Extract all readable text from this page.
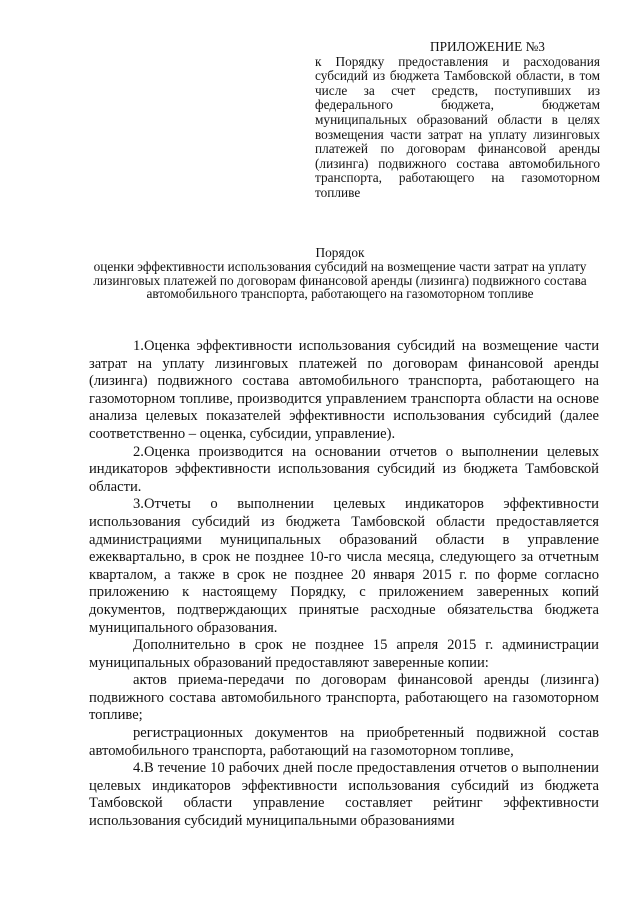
ПРИЛОЖЕНИЕ №3
к Порядку предоставления и расходования субсидий из бюджета Тамбовской области, в том числе за счет средств, поступивших из федерального бюджета, бюджетам муниципальных образований области в целях возмещения части затрат на уплату лизинговых платежей по договорам финансовой аренды (лизинга) подвижного состава автомобильного транспорта, работающего на газомоторном топливе
Порядок
оценки эффективности использования субсидий на возмещение части затрат на уплату лизинговых платежей по договорам финансовой аренды (лизинга) подвижного состава автомобильного транспорта, работающего на газомоторном топливе

1.Оценка эффективности использования субсидий на возмещение части затрат на уплату лизинговых платежей по договорам финансовой аренды (лизинга) подвижного состава автомобильного транспорта, работающего на газомоторном топливе, производится управлением транспорта области на основе анализа целевых показателей эффективности использования субсидий (далее соответственно – оценка, субсидии, управление).

2.Оценка производится на основании отчетов о выполнении целевых индикаторов эффективности использования субсидий из бюджета Тамбовской области.

3.Отчеты о выполнении целевых индикаторов эффективности использования субсидий из бюджета Тамбовской области предоставляется администрациями муниципальных образований области в управление ежеквартально, в срок не позднее 10-го числа месяца, следующего за отчетным кварталом, а также в срок не позднее 20 января 2015 г. по форме согласно приложению к настоящему Порядку, с приложением заверенных копий документов, подтверждающих принятые расходные обязательства бюджета муниципального образования.

Дополнительно в срок не позднее 15 апреля 2015 г. администрации муниципальных образований предоставляют заверенные копии:

актов приема-передачи по договорам финансовой аренды (лизинга) подвижного состава автомобильного транспорта, работающего на газомоторном топливе;

регистрационных документов на приобретенный подвижной состав автомобильного транспорта, работающий на газомоторном топливе,

4.В течение 10 рабочих дней после предоставления отчетов о выполнении целевых индикаторов эффективности использования субсидий из бюджета Тамбовской области управление составляет рейтинг эффективности использования субсидий муниципальными образованиями
